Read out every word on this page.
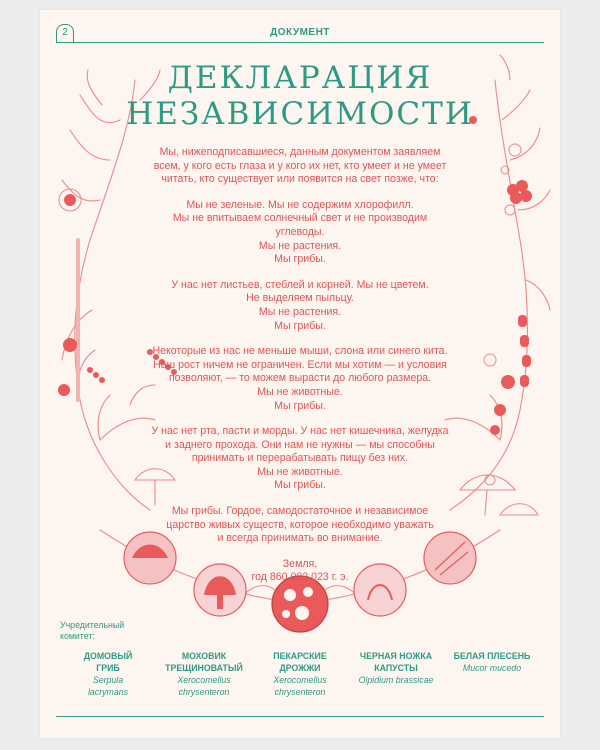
2	ДОКУМЕНТ
ДЕКЛАРАЦИЯ
НЕЗАВИСИМОСТИ

Мы, нижеподписавшиеся, данным документом заявляем
всем, у кого есть глаза и у кого их нет, кто умеет и не умеет
читать, кто существует или появится на свет позже, что:

Мы не зеленые. Мы не содержим хлорофилл.
Мы не впитываем солнечный свет и не производим
углеводы.
Мы не растения.
Мы грибы.

У нас нет листьев, стеблей и корней. Мы не цветем.
Не выделяем пыльцу.
Мы не растения.
Мы грибы.

Некоторые из нас не меньше мыши, слона или синего кита.
Наш рост ничем не ограничен. Если мы хотим — и условия
позволяют, — то можем вырасти до любого размера.
Мы не животные.
Мы грибы.

У нас нет рта, пасти и морды. У нас нет кишечника, желудка
и заднего прохода. Они нам не нужны — мы способны
принимать и перерабатывать пищу без них.
Мы не животные.
Мы грибы.

Мы грибы. Гордое, самодостаточное и независимое
царство живых существ, которое необходимо уважать
и всегда принимать во внимание.

Земля,
год 860 002 023 г. э.

Учредительный
комитет:
ДОМОВЫЙ
ГРИБ
Serpula
lacrymans
МОХОВИК
ТРЕЩИНОВАТЫЙ
Xerocomellus
chrysenteron
ПЕКАРСКИЕ
ДРОЖЖИ
Xerocomellus
chrysenteron
ЧЕРНАЯ НОЖКА
КАПУСТЫ
Olpidium brassicae
БЕЛАЯ ПЛЕСЕНЬ
Mucor mucedo
